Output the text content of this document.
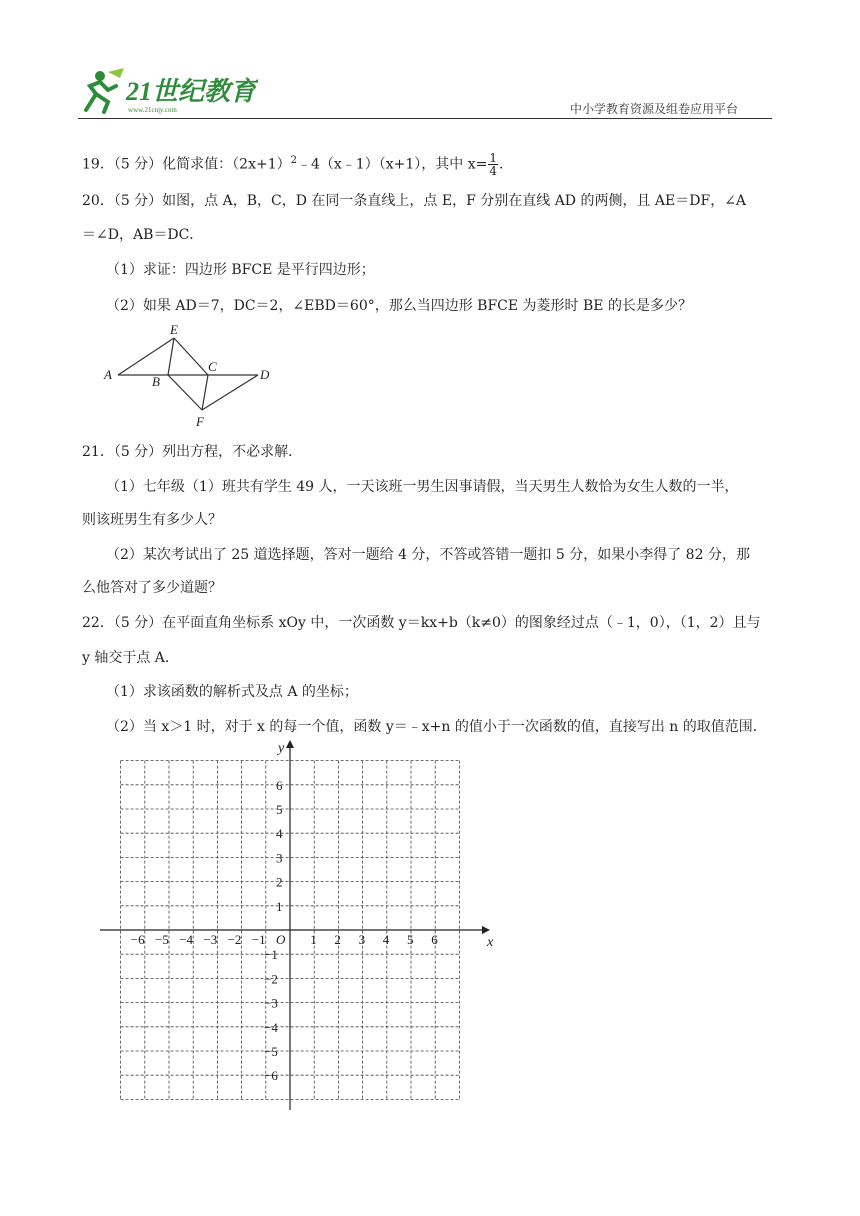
21世纪教育
www.21cnjy.com	中小学教育资源及组卷应用平台
19．（5 分）化简求值：$(2x+1)^2﹣4(x﹣1)(x+1)$，其中 $x= \frac{1}{4}$ .
20．（5 分）如图，点 A，B，C，D 在同一条直线上，点 E，F 分别在直线 AD 的两侧，且 AE＝DF，∠A
＝∠D，AB＝DC．
（1）求证：四边形 BFCE 是平行四边形；
（2）如果 AD＝7，DC＝2，∠EBD＝60°，那么当四边形 BFCE 为菱形时 BE 的长是多少？
A	B
C
D
E
F
21．（5 分）列出方程，不必求解．
（1）七年级（1）班共有学生 49 人，一天该班一男生因事请假，当天男生人数恰为女生人数的一半，
则该班男生有多少人？
（2）某次考试出了 25 道选择题，答对一题给 4 分，不答或答错一题扣 5 分，如果小李得了 82 分，那
么他答对了多少道题？
22．（5 分）在平面直角坐标系 xOy 中，一次函数 y＝kx+b（k≠0）的图象经过点（﹣1，0），（1，2）且与
y 轴交于点 A．
（1）求该函数的解析式及点 A 的坐标；
（2）当 x＞1 时，对于 x 的每一个值，函数 y＝﹣x+n 的值小于一次函数的值，直接写出 n 的取值范围．
x
y
O
−6 −5 −4 −3 −2 −1	1 2 3 4 5 6
6
5
4
3
2
1
−1
−2
−3
−4
−5
−6
